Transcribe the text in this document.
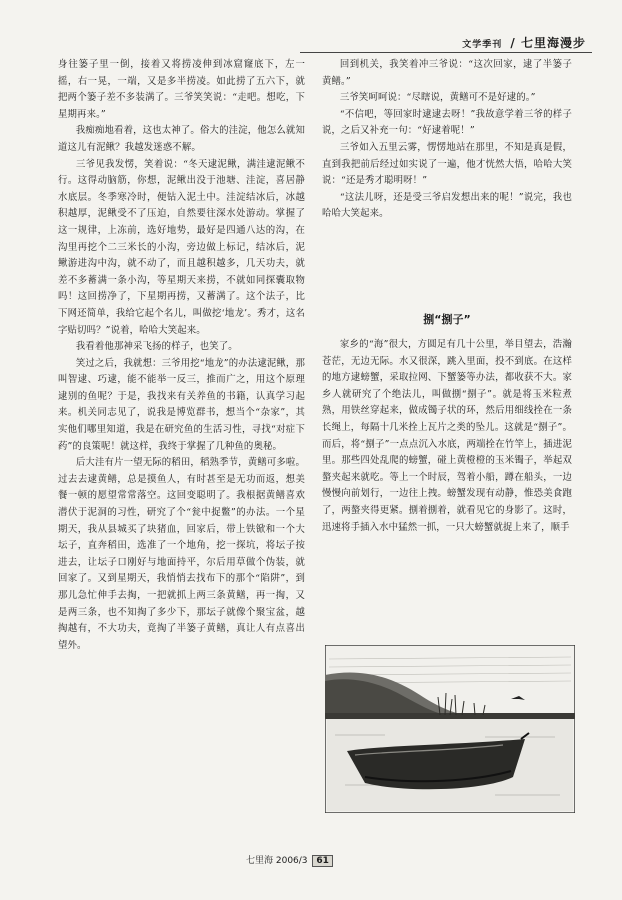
文学季刊 / 七里海漫步

身往篓子里一倒，接着又将捞凌伸到冰窟窿底下，左一摇，右一晃，一端，又是多半捞凌。如此捞了五六下，就把两个篓子差不多装满了。三爷笑笑说：“走吧。想吃，下星期再来。”

我痴痴地看着，这也太神了。俗大的洼淀，他怎么就知道这儿有泥鳅？我越发迷惑不解。

三爷见我发愣，笑着说：“冬天逮泥鳅，满洼逮泥鳅不行。这得动脑筋，你想，泥鳅出没于池塘、洼淀，喜居静水底层。冬季寒冷时，便钻入泥土中。洼淀结冰后，冰越积越厚，泥鳅受不了压迫，自然要往深水处游动。掌握了这一规律，上冻前，选好地势，最好是四通八达的沟，在沟里再挖个二三米长的小沟，旁边做上标记，结冰后，泥鳅游进沟中沟，就不动了，而且越积越多，几天功夫，就差不多蓄满一条小沟，等星期天来捞，不就如同探囊取物吗！这回捞净了，下星期再捞，又蓄满了。这个法子，比下网还简单，我给它起个名儿，叫做挖‘地龙’。秀才，这名字贴切吗？”说着，哈哈大笑起来。

我看着他那神采飞扬的样子，也笑了。

笑过之后，我就想：三爷用挖“地龙”的办法逮泥鳅，那叫智逮、巧逮，能不能举一反三，推而广之，用这个原理逮别的鱼呢？于是，我找来有关养鱼的书籍，认真学习起来。机关同志见了，说我是博览群书，想当个“杂家”，其实他们哪里知道，我是在研究鱼的生活习性，寻找“对症下药”的良策呢！就这样，我终于掌握了几种鱼的奥秘。

后大洼有片一望无际的稻田，稻熟季节，黄鳝可多啦。过去去逮黄鳝，总是摸鱼人，有时甚至是无功而返，想美餐一顿的愿望常常落空。这回变聪明了。我根据黄鳝喜欢潜伏于泥洞的习性，研究了个“瓮中捉鳖”的办法。一个星期天，我从县城买了块猪血，回家后，带上铁锨和一个大坛子，直奔稻田，选准了一个地角，挖一探坑，将坛子按进去，让坛子口刚好与地面持平，尔后用草做个伪装，就回家了。又到星期天，我悄悄去找布下的那个“陷阱”，到那儿急忙伸手去掏，一把就抓上两三条黄鳝，再一掏，又是两三条，也不知掏了多少下，那坛子就像个聚宝盆，越掏越有，不大功夫，竟掏了半篓子黄鳝，真让人有点喜出望外。

回到机关，我笑着冲三爷说：“这次回家，逮了半篓子黄鳝。”

三爷笑呵呵说：“尽瞎说，黄鳝可不是好逮的。”

“不信吧，等回家时逮逮去呀！”我故意学着三爷的样子说，之后又补充一句：“好逮着呢！”

三爷如入五里云雾，愣愣地站在那里，不知是真是假，直到我把前后经过如实说了一遍，他才恍然大悟，哈哈大笑说：“还是秀才聪明呀！”

“这法儿呀，还是受三爷启发想出来的呢！”说完，我也哈哈大笑起来。

捌“捌子”

家乡的“海”很大，方圆足有几十公里，举目望去，浩瀚苍茫，无边无际。水又很深，跳入里面，投不到底。在这样的地方逮螃蟹，采取拉网、下蟹篓等办法，都收获不大。家乡人就研究了个绝法儿，叫做捌“捌子”。就是将玉米粒煮熟，用铁丝穿起来，做成镯子状的环，然后用细线拴在一条长绳上，每隔十几米拴上瓦片之类的坠儿。这就是“捌子”。而后，将“捌子”一点点沉入水底，两端拴在竹竿上，插进泥里。那些四处乱爬的螃蟹，碰上黄橙橙的玉米镯子，举起双螯夹起来就吃。等上一个时辰，驾着小船，蹲在船头，一边慢慢向前划行，一边往上拽。螃蟹发现有动静，惟恐美食跑了，两螯夹得更紧。捌着捌着，就看见它的身影了。这时，迅速将手插入水中猛然一抓，一只大螃蟹就捉上来了，顺手

七里海 2006/3 61
